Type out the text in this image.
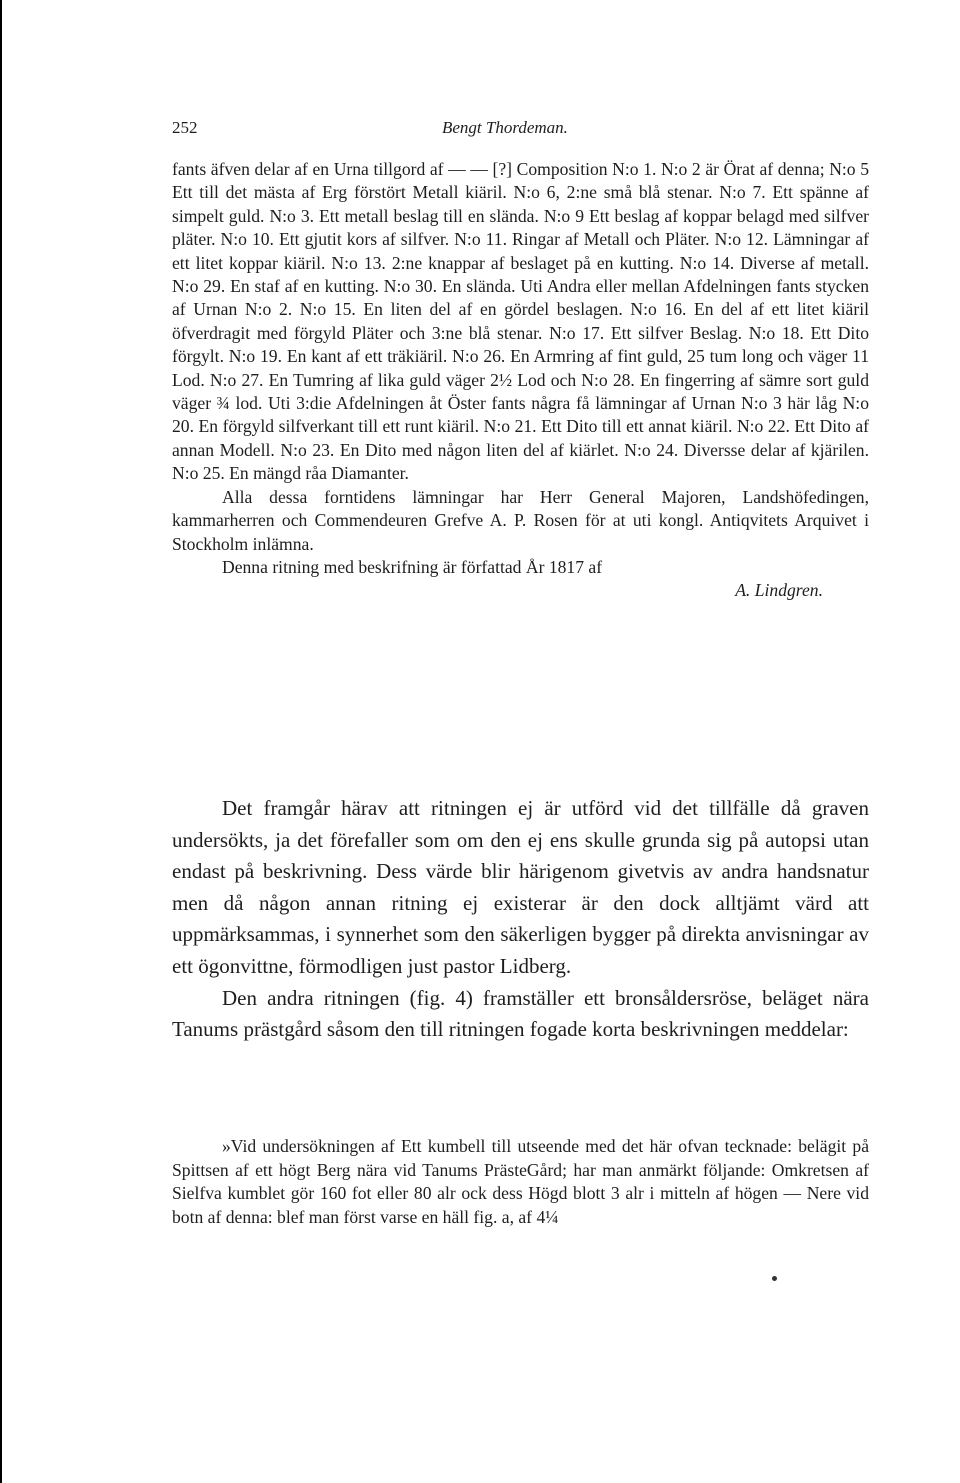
252	Bengt Thordeman.

fants äfven delar af en Urna tillgord af — — [?] Composition N:o 1. N:o 2 är Örat af denna; N:o 5 Ett till det mästa af Erg förstört Metall kiäril. N:o 6, 2:ne små blå stenar. N:o 7. Ett spänne af simpelt guld. N:o 3. Ett metall beslag till en slända. N:o 9 Ett beslag af koppar belagd med silfver pläter. N:o 10. Ett gjutit kors af silfver. N:o 11. Ringar af Metall och Pläter. N:o 12. Lämningar af ett litet koppar kiäril. N:o 13. 2:ne knappar af beslaget på en kutting. N:o 14. Diverse af metall. N:o 29. En staf af en kutting. N:o 30. En slända. Uti Andra eller mellan Afdelningen fants stycken af Urnan N:o 2. N:o 15. En liten del af en gördel beslagen. N:o 16. En del af ett litet kiäril öfverdragit med förgyld Pläter och 3:ne blå stenar. N:o 17. Ett silfver Beslag. N:o 18. Ett Dito förgylt. N:o 19. En kant af ett träkiäril. N:o 26. En Armring af fint guld, 25 tum long och väger 11 Lod. N:o 27. En Tumring af lika guld väger 2½ Lod och N:o 28. En fingerring af sämre sort guld väger ¾ lod. Uti 3:die Afdelningen åt Öster fants några få lämningar af Urnan N:o 3 här låg N:o 20. En förgyld silfverkant till ett runt kiäril. N:o 21. Ett Dito till ett annat kiäril. N:o 22. Ett Dito af annan Modell. N:o 23. En Dito med någon liten del af kiärlet. N:o 24. Diversse delar af kjärilen. N:o 25. En mängd råa Diamanter.

Alla dessa forntidens lämningar har Herr General Majoren, Landshöfedingen, kammarherren och Commendeuren Grefve A. P. Rosen för at uti kongl. Antiqvitets Arquivet i Stockholm inlämna.

Denna ritning med beskrifning är författad År 1817 af

A. Lindgren.

Det framgår härav att ritningen ej är utförd vid det tillfälle då graven undersökts, ja det förefaller som om den ej ens skulle grunda sig på autopsi utan endast på beskrivning. Dess värde blir härigenom givetvis av andra handsnatur men då någon annan ritning ej existerar är den dock alltjämt värd att uppmärksammas, i synnerhet som den säkerligen bygger på direkta anvisningar av ett ögonvittne, förmodligen just pastor Lidberg.

Den andra ritningen (fig. 4) framställer ett bronsåldersröse, beläget nära Tanums prästgård såsom den till ritningen fogade korta beskrivningen meddelar:

»Vid undersökningen af Ett kumbell till utseende med det här ofvan tecknade: belägit på Spittsen af ett högt Berg nära vid Tanums PrästeGård; har man anmärkt följande: Omkretsen af Sielfva kumblet gör 160 fot eller 80 alr ock dess Högd blott 3 alr i mitteln af högen — Nere vid botn af denna: blef man först varse en häll fig. a, af 4¼
